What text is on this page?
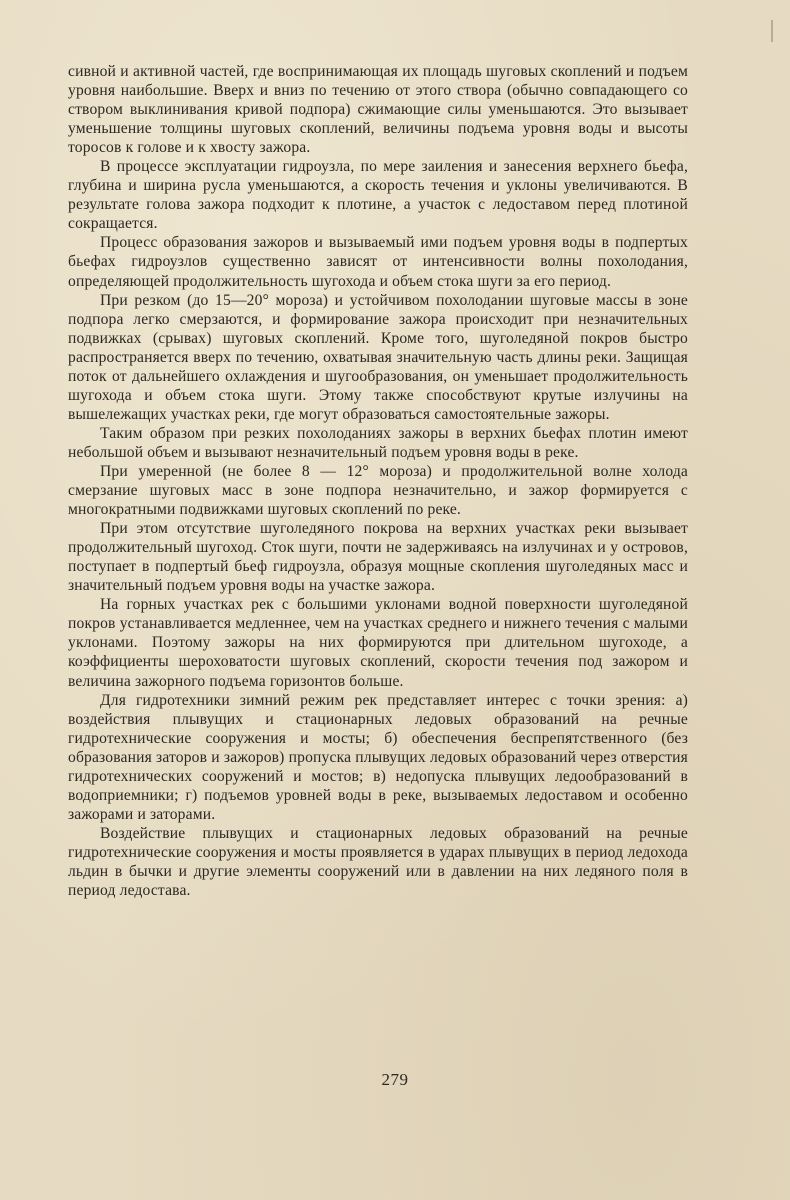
сивной и активной частей, где воспринимающая их площадь шуговых скоплений и подъем уровня наибольшие. Вверх и вниз по течению от этого створа (обычно совпадающего со створом выклинивания кривой подпора) сжимающие силы уменьшаются. Это вызывает уменьшение толщины шуговых скоплений, величины подъема уровня воды и высоты торосов к голове и к хвосту зажора.

В процессе эксплуатации гидроузла, по мере заиления и занесения верхнего бьефа, глубина и ширина русла уменьшаются, а скорость течения и уклоны увеличиваются. В результате голова зажора подходит к плотине, а участок с ледоставом перед плотиной сокращается.

Процесс образования зажоров и вызываемый ими подъем уровня воды в подпертых бьефах гидроузлов существенно зависят от интенсивности волны похолодания, определяющей продолжительность шугохода и объем стока шуги за его период.

При резком (до 15—20° мороза) и устойчивом похолодании шуговые массы в зоне подпора легко смерзаются, и формирование зажора происходит при незначительных подвижках (срывах) шуговых скоплений. Кроме того, шуголедяной покров быстро распространяется вверх по течению, охватывая значительную часть длины реки. Защищая поток от дальнейшего охлаждения и шугообразования, он уменьшает продолжительность шугохода и объем стока шуги. Этому также способствуют крутые излучины на вышележащих участках реки, где могут образоваться самостоятельные зажоры.

Таким образом при резких похолоданиях зажоры в верхних бьефах плотин имеют небольшой объем и вызывают незначительный подъем уровня воды в реке.

При умеренной (не более 8 — 12° мороза) и продолжительной волне холода смерзание шуговых масс в зоне подпора незначительно, и зажор формируется с многократными подвижками шуговых скоплений по реке.

При этом отсутствие шуголедяного покрова на верхних участках реки вызывает продолжительный шугоход. Сток шуги, почти не задерживаясь на излучинах и у островов, поступает в подпертый бьеф гидроузла, образуя мощные скопления шуголедяных масс и значительный подъем уровня воды на участке зажора.

На горных участках рек с большими уклонами водной поверхности шуголедяной покров устанавливается медленнее, чем на участках среднего и нижнего течения с малыми уклонами. Поэтому зажоры на них формируются при длительном шугоходе, а коэффициенты шероховатости шуговых скоплений, скорости течения под зажором и величина зажорного подъема горизонтов больше.

Для гидротехники зимний режим рек представляет интерес с точки зрения: а) воздействия плывущих и стационарных ледовых образований на речные гидротехнические сооружения и мосты; б) обеспечения беспрепятственного (без образования заторов и зажоров) пропуска плывущих ледовых образований через отверстия гидротехнических сооружений и мостов; в) недопуска плывущих ледообразований в водоприемники; г) подъемов уровней воды в реке, вызываемых ледоставом и особенно зажорами и заторами.

Воздействие плывущих и стационарных ледовых образований на речные гидротехнические сооружения и мосты проявляется в ударах плывущих в период ледохода льдин в бычки и другие элементы сооружений или в давлении на них ледяного поля в период ледостава.

279
